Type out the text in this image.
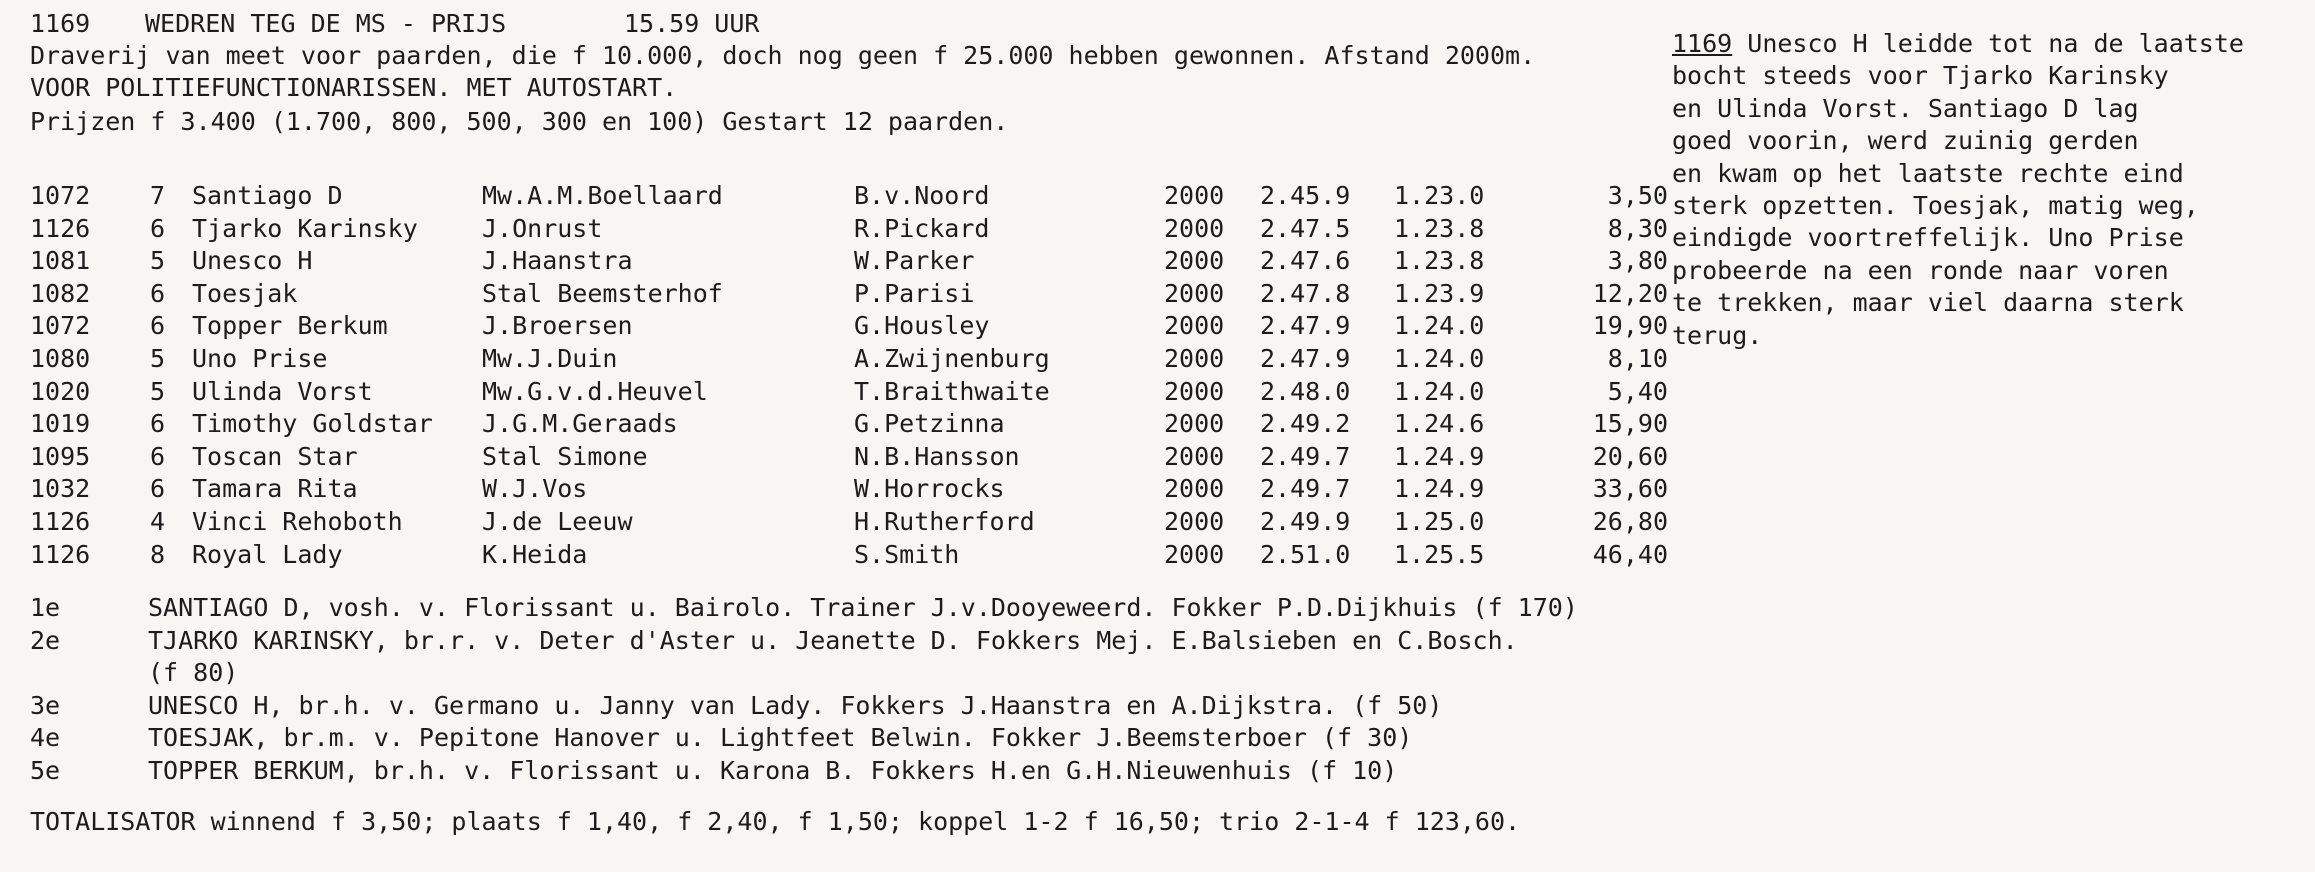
1169 WEDREN TEG DE MS - PRIJS	15.59 UUR
Draverij van meet voor paarden, die f 10.000, doch nog geen f 25.000 hebben gewonnen. Afstand 2000m.
VOOR POLITIEFUNCTIONARISSEN. MET AUTOSTART.
Prijzen f 3.400 (1.700, 800, 500, 300 en 100) Gestart 12 paarden.
1072	7	Santiago D	Mw.A.M.Boellaard	B.v.Noord	2000	2.45.9	1.23.0	3,50
1126	6	Tjarko Karinsky	J.Onrust	R.Pickard	2000	2.47.5	1.23.8	8,30
1081	5	Unesco H	J.Haanstra	W.Parker	2000	2.47.6	1.23.8	3,80
1082	6	Toesjak	Stal Beemsterhof	P.Parisi	2000	2.47.8	1.23.9	12,20
1072	6	Topper Berkum	J.Broersen	G.Housley	2000	2.47.9	1.24.0	19,90
1080	5	Uno Prise	Mw.J.Duin	A.Zwijnenburg	2000	2.47.9	1.24.0	8,10
1020	5	Ulinda Vorst	Mw.G.v.d.Heuvel	T.Braithwaite	2000	2.48.0	1.24.0	5,40
1019	6	Timothy Goldstar	J.G.M.Geraads	G.Petzinna	2000	2.49.2	1.24.6	15,90
1095	6	Toscan Star	Stal Simone	N.B.Hansson	2000	2.49.7	1.24.9	20,60
1032	6	Tamara Rita	W.J.Vos	W.Horrocks	2000	2.49.7	1.24.9	33,60
1126	4	Vinci Rehoboth	J.de Leeuw	H.Rutherford	2000	2.49.9	1.25.0	26,80
1126	8	Royal Lady	K.Heida	S.Smith	2000	2.51.0	1.25.5	46,40
1e	SANTIAGO D, vosh. v. Florissant u. Bairolo. Trainer J.v.Dooyeweerd. Fokker P.D.Dijkhuis (f 170)
2e	TJARKO KARINSKY, br.r. v. Deter d'Aster u. Jeanette D. Fokkers Mej. E.Balsieben en C.Bosch.
	(f 80)
3e	UNESCO H, br.h. v. Germano u. Janny van Lady. Fokkers J.Haanstra en A.Dijkstra. (f 50)
4e	TOESJAK, br.m. v. Pepitone Hanover u. Lightfeet Belwin. Fokker J.Beemsterboer (f 30)
5e	TOPPER BERKUM, br.h. v. Florissant u. Karona B. Fokkers H.en G.H.Nieuwenhuis (f 10)
TOTALISATOR winnend f 3,50; plaats f 1,40, f 2,40, f 1,50; koppel 1-2 f 16,50; trio 2-1-4 f 123,60.
1169 Unesco H leidde tot na de laatste
bocht steeds voor Tjarko Karinsky
en Ulinda Vorst. Santiago D lag
goed voorin, werd zuinig gerden
en kwam op het laatste rechte eind
sterk opzetten. Toesjak, matig weg,
eindigde voortreffelijk. Uno Prise
probeerde na een ronde naar voren
te trekken, maar viel daarna sterk
terug.
